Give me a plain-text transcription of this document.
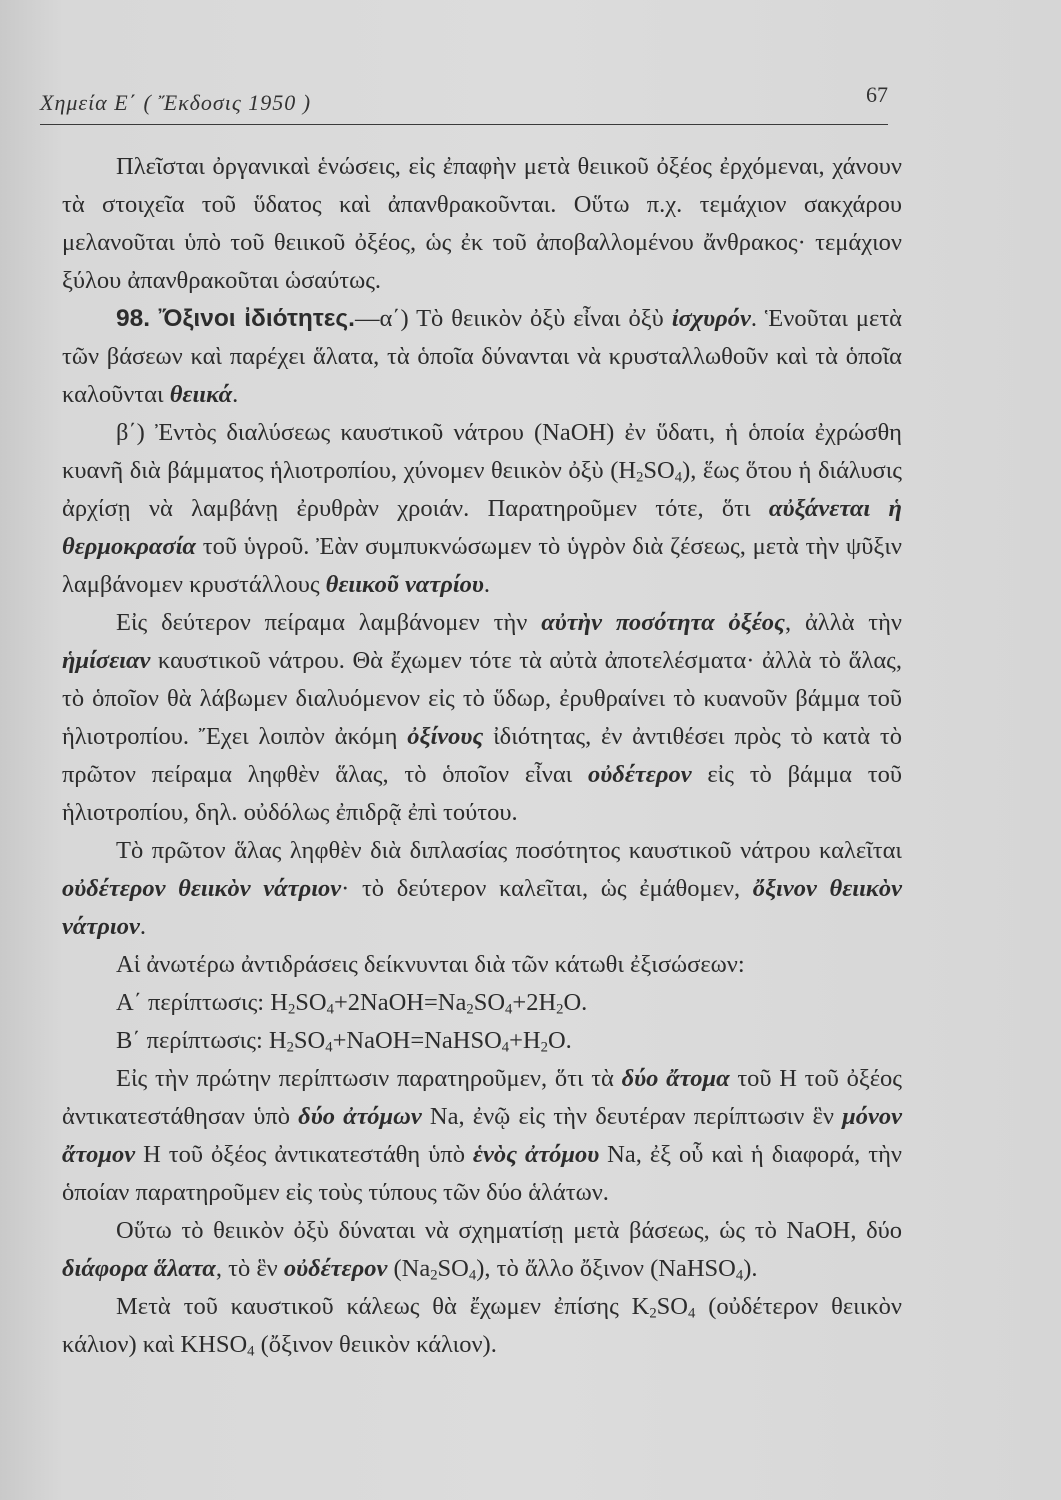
Χημεία Ε΄ ( Ἔκδοσις 1950 )	67

Πλεῖσται ὀργανικαὶ ἑνώσεις, εἰς ἐπαφὴν μετὰ θειικοῦ ὀξέος ἐρχόμεναι, χάνουν τὰ στοιχεῖα τοῦ ὕδατος καὶ ἀπανθρακοῦνται. Οὕτω π.χ. τεμάχιον σακχάρου μελανοῦται ὑπὸ τοῦ θειικοῦ ὀξέος, ὡς ἐκ τοῦ ἀποβαλλομένου ἄνθρακος· τεμάχιον ξύλου ἀπανθρακοῦται ὡσαύτως.

98. Ὄξινοι ἰδιότητες.—α΄) Τὸ θειικὸν ὀξὺ εἶναι ὀξὺ ἰσχυρόν. Ἑνοῦται μετὰ τῶν βάσεων καὶ παρέχει ἅλατα, τὰ ὁποῖα δύνανται νὰ κρυσταλλωθοῦν καὶ τὰ ὁποῖα καλοῦνται θειικά.

β΄) Ἐντὸς διαλύσεως καυστικοῦ νάτρου (NaOH) ἐν ὕδατι, ἡ ὁποία ἐχρώσθη κυανῆ διὰ βάμματος ἡλιοτροπίου, χύνομεν θειικὸν ὀξὺ $(H_2SO_4)$, ἕως ὅτου ἡ διάλυσις ἀρχίσῃ νὰ λαμβάνῃ ἐρυθρὰν χροιάν. Παρατηροῦμεν τότε, ὅτι αὐξάνεται ἡ θερμοκρασία τοῦ ὑγροῦ. Ἐὰν συμπυκνώσωμεν τὸ ὑγρὸν διὰ ζέσεως, μετὰ τὴν ψῦξιν λαμβάνομεν κρυστάλλους θειικοῦ νατρίου.

Εἰς δεύτερον πείραμα λαμβάνομεν τὴν αὐτὴν ποσότητα ὀξέος, ἀλλὰ τὴν ἡμίσειαν καυστικοῦ νάτρου. Θὰ ἔχωμεν τότε τὰ αὐτὰ ἀποτελέσματα· ἀλλὰ τὸ ἅλας, τὸ ὁποῖον θὰ λάβωμεν διαλυόμενον εἰς τὸ ὕδωρ, ἐρυθραίνει τὸ κυανοῦν βάμμα τοῦ ἡλιοτροπίου. Ἔχει λοιπὸν ἀκόμη ὀξίνους ἰδιότητας, ἐν ἀντιθέσει πρὸς τὸ κατὰ τὸ πρῶτον πείραμα ληφθὲν ἅλας, τὸ ὁποῖον εἶναι οὐδέτερον εἰς τὸ βάμμα τοῦ ἡλιοτροπίου, δηλ. οὐδόλως ἐπιδρᾷ ἐπὶ τούτου.

Τὸ πρῶτον ἅλας ληφθὲν διὰ διπλασίας ποσότητος καυστικοῦ νάτρου καλεῖται οὐδέτερον θειικὸν νάτριον· τὸ δεύτερον καλεῖται, ὡς ἐμάθομεν, ὄξινον θειικὸν νάτριον.

Αἱ ἀνωτέρω ἀντιδράσεις δείκνυνται διὰ τῶν κάτωθι ἐξισώσεων:

Α΄ περίπτωσις: $H_2SO_4+2NaOH=Na_2SO_4+2H_2O$.

Β΄ περίπτωσις: $H_2SO_4+NaOH=NaHSO_4+H_2O$.

Εἰς τὴν πρώτην περίπτωσιν παρατηροῦμεν, ὅτι τὰ δύο ἄτομα τοῦ H τοῦ ὀξέος ἀντικατεστάθησαν ὑπὸ δύο ἀτόμων Na, ἐνῷ εἰς τὴν δευτέραν περίπτωσιν ἓν μόνον ἄτομον H τοῦ ὀξέος ἀντικατεστάθη ὑπὸ ἑνὸς ἀτόμου Na, ἐξ οὗ καὶ ἡ διαφορά, τὴν ὁποίαν παρατηροῦμεν εἰς τοὺς τύπους τῶν δύο ἁλάτων.

Οὕτω τὸ θειικὸν ὀξὺ δύναται νὰ σχηματίσῃ μετὰ βάσεως, ὡς τὸ NaOH, δύο διάφορα ἅλατα, τὸ ἓν οὐδέτερον $(Na_2SO_4)$, τὸ ἄλλο ὄξινον (NaHSO$_4$).

Μετὰ τοῦ καυστικοῦ κάλεως θὰ ἔχωμεν ἐπίσης $K_2SO_4$ (οὐδέτερον θειικὸν κάλιον) καὶ $KHSO_4$ (ὄξινον θειικὸν κάλιον).
